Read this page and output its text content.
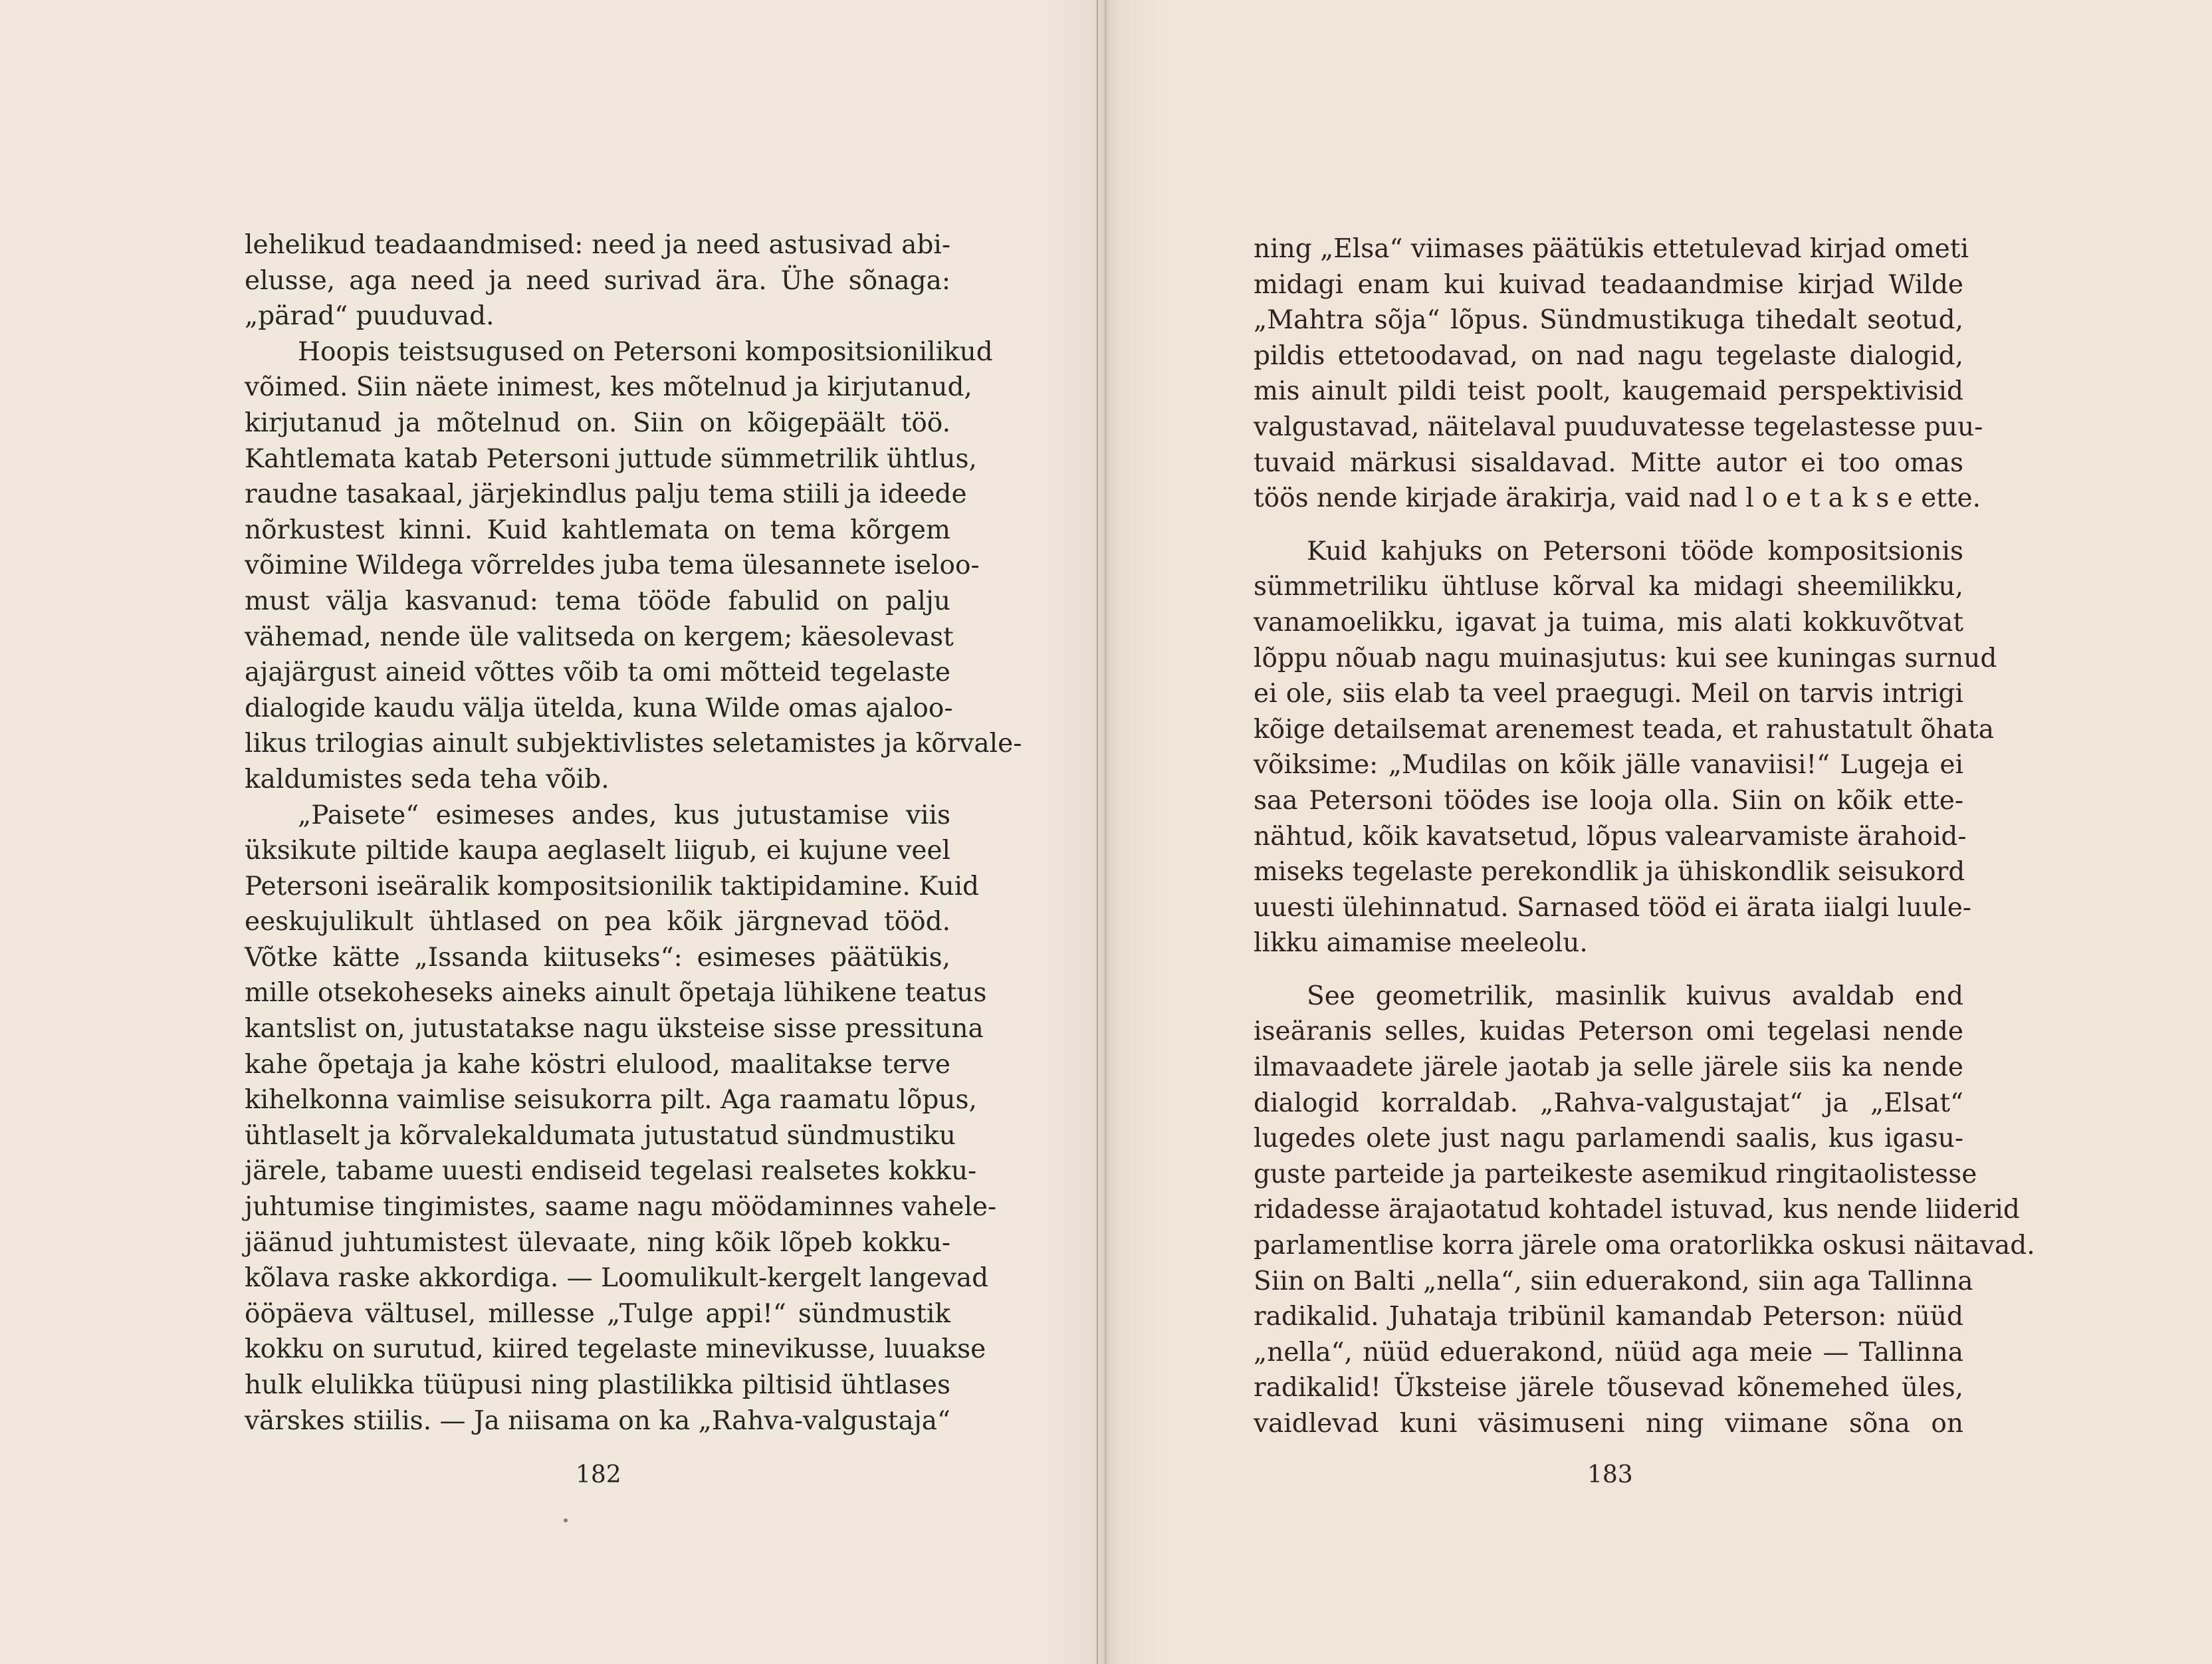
lehelikud teadaandmised: need ja need astusivad abi-
elusse, aga need ja need surivad ära. Ühe sõnaga:
„pärad“ puuduvad.
Hoopis teistsugused on Petersoni kompositsionilikud
võimed. Siin näete inimest, kes mõtelnud ja kirjutanud,
kirjutanud ja mõtelnud on. Siin on kõigepäält töö.
Kahtlemata katab Petersoni juttude sümmetrilik ühtlus,
raudne tasakaal, järjekindlus palju tema stiili ja ideede
nõrkustest kinni. Kuid kahtlemata on tema kõrgem
võimine Wildega võrreldes juba tema ülesannete iseloo-
must välja kasvanud: tema tööde fabulid on palju
vähemad, nende üle valitseda on kergem; käesolevast
ajajärgust aineid võttes võib ta omi mõtteid tegelaste
dialogide kaudu välja ütelda, kuna Wilde omas ajaloo-
likus trilogias ainult subjektivlistes seletamistes ja kõrvale-
kaldumistes seda teha võib.
„Paisete“ esimeses andes, kus jutustamise viis
üksikute piltide kaupa aeglaselt liigub, ei kujune veel
Petersoni iseäralik kompositsionilik taktipidamine. Kuid
eeskujulikult ühtlased on pea kõik järgnevad tööd.
Võtke kätte „Issanda kiituseks“: esimeses päätükis,
mille otsekoheseks aineks ainult õpetaja lühikene teatus
kantslist on, jutustatakse nagu üksteise sisse pressituna
kahe õpetaja ja kahe köstri elulood, maalitakse terve
kihelkonna vaimlise seisukorra pilt. Aga raamatu lõpus,
ühtlaselt ja kõrvalekaldumata jutustatud sündmustiku
järele, tabame uuesti endiseid tegelasi realsetes kokku-
juhtumise tingimistes, saame nagu möödaminnes vahele-
jäänud juhtumistest ülevaate, ning kõik lõpeb kokku-
kõlava raske akkordiga. — Loomulikult-kergelt langevad
ööpäeva vältusel, millesse „Tulge appi!“ sündmustik
kokku on surutud, kiired tegelaste minevikusse, luuakse
hulk elulikka tüüpusi ning plastilikka piltisid ühtlases
värskes stiilis. — Ja niisama on ka „Rahva-valgustaja“
ning „Elsa“ viimases päätükis ettetulevad kirjad ometi
midagi enam kui kuivad teadaandmise kirjad Wilde
„Mahtra sõja“ lõpus. Sündmustikuga tihedalt seotud,
pildis ettetoodavad, on nad nagu tegelaste dialogid,
mis ainult pildi teist poolt, kaugemaid perspektivisid
valgustavad, näitelaval puuduvatesse tegelastesse puu-
tuvaid märkusi sisaldavad. Mitte autor ei too omas
töös nende kirjade ärakirja, vaid nad l o e t a k s e ette.
Kuid kahjuks on Petersoni tööde kompositsionis
sümmetriliku ühtluse kõrval ka midagi sheemilikku,
vanamoelikku, igavat ja tuima, mis alati kokkuvõtvat
lõppu nõuab nagu muinasjutus: kui see kuningas surnud
ei ole, siis elab ta veel praegugi. Meil on tarvis intrigi
kõige detailsemat arenemest teada, et rahustatult õhata
võiksime: „Mudilas on kõik jälle vanaviisi!“ Lugeja ei
saa Petersoni töödes ise looja olla. Siin on kõik ette-
nähtud, kõik kavatsetud, lõpus valearvamiste ärahoid-
miseks tegelaste perekondlik ja ühiskondlik seisukord
uuesti ülehinnatud. Sarnased tööd ei ärata iialgi luule-
likku aimamise meeleolu.
See geometrilik, masinlik kuivus avaldab end
iseäranis selles, kuidas Peterson omi tegelasi nende
ilmavaadete järele jaotab ja selle järele siis ka nende
dialogid korraldab. „Rahva-valgustajat“ ja „Elsat“
lugedes olete just nagu parlamendi saalis, kus igasu-
guste parteide ja parteikeste asemikud ringitaolistesse
ridadesse ärajaotatud kohtadel istuvad, kus nende liiderid
parlamentlise korra järele oma oratorlikka oskusi näitavad.
Siin on Balti „nella“, siin eduerakond, siin aga Tallinna
radikalid. Juhataja tribünil kamandab Peterson: nüüd
„nella“, nüüd eduerakond, nüüd aga meie — Tallinna
radikalid! Üksteise järele tõusevad kõnemehed üles,
vaidlevad kuni väsimuseni ning viimane sõna on
182	183
